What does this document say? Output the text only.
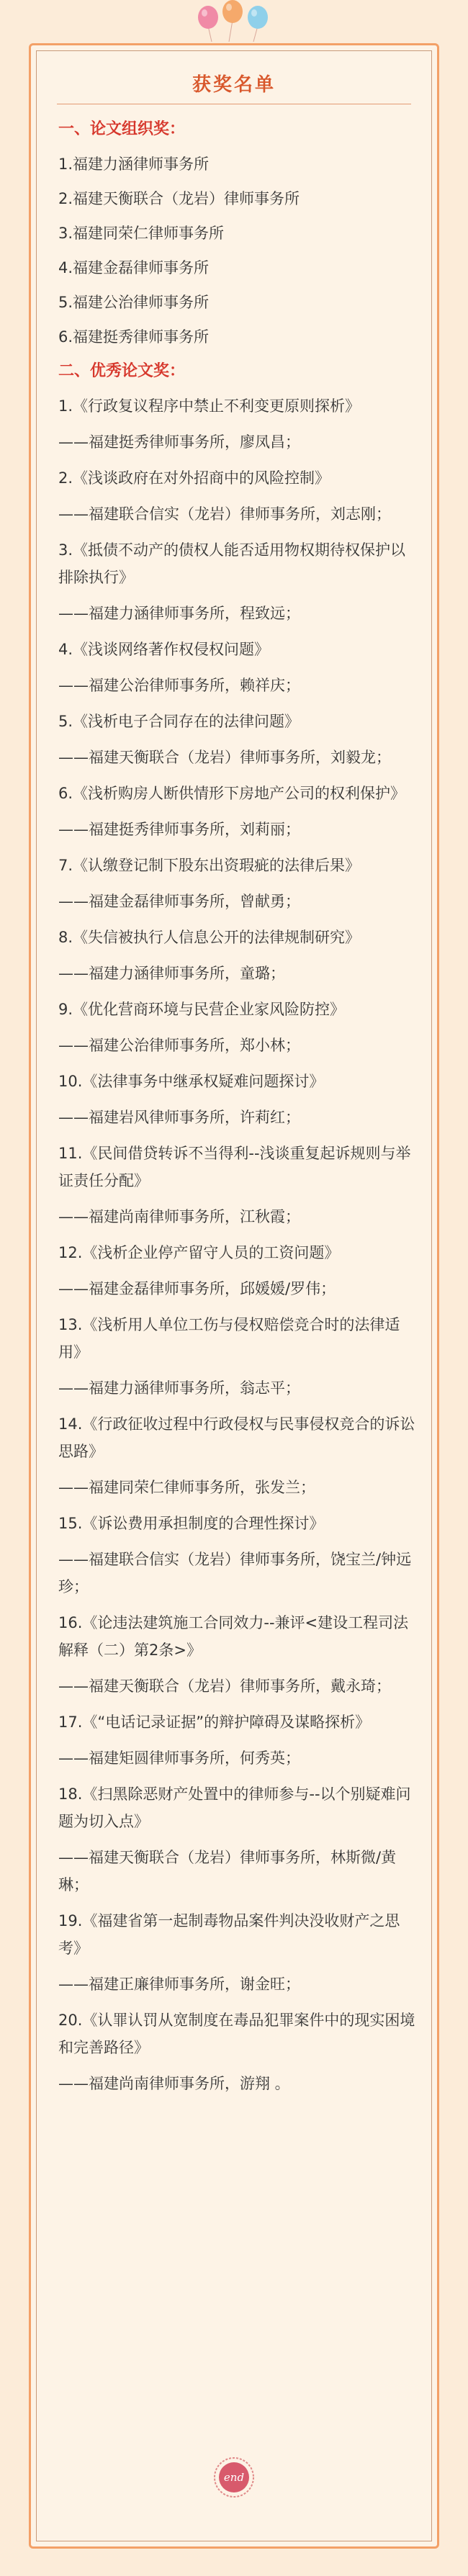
获奖名单
一、论文组织奖：
1.福建力涵律师事务所
2.福建天衡联合（龙岩）律师事务所
3.福建同荣仁律师事务所
4.福建金磊律师事务所
5.福建公治律师事务所
6.福建挺秀律师事务所
二、优秀论文奖：
1.《行政复议程序中禁止不利变更原则探析》
——福建挺秀律师事务所，廖凤昌；
2.《浅谈政府在对外招商中的风险控制》
——福建联合信实（龙岩）律师事务所，刘志刚；
3.《抵债不动产的债权人能否适用物权期待权保护以排除执行》
——福建力涵律师事务所，程致远；
4.《浅谈网络著作权侵权问题》
——福建公治律师事务所，赖祥庆；
5.《浅析电子合同存在的法律问题》
——福建天衡联合（龙岩）律师事务所，刘毅龙；
6.《浅析购房人断供情形下房地产公司的权利保护》
——福建挺秀律师事务所，刘莉丽；
7.《认缴登记制下股东出资瑕疵的法律后果》
——福建金磊律师事务所，曾献勇；
8.《失信被执行人信息公开的法律规制研究》
——福建力涵律师事务所，童璐；
9.《优化营商环境与民营企业家风险防控》
——福建公治律师事务所，郑小林；
10.《法律事务中继承权疑难问题探讨》
——福建岩风律师事务所，许莉红；
11.《民间借贷转诉不当得利--浅谈重复起诉规则与举证责任分配》
——福建尚南律师事务所，江秋霞；
12.《浅析企业停产留守人员的工资问题》
——福建金磊律师事务所，邱媛媛/罗伟；
13.《浅析用人单位工伤与侵权赔偿竞合时的法律适用》
——福建力涵律师事务所，翁志平；
14.《行政征收过程中行政侵权与民事侵权竞合的诉讼思路》
——福建同荣仁律师事务所，张发兰；
15.《诉讼费用承担制度的合理性探讨》
——福建联合信实（龙岩）律师事务所，饶宝兰/钟远珍；
16.《论违法建筑施工合同效力--兼评<建设工程司法解释（二）第2条>》
——福建天衡联合（龙岩）律师事务所，戴永琦；
17.《“电话记录证据”的辩护障碍及谋略探析》
——福建矩圆律师事务所，何秀英；
18.《扫黑除恶财产处置中的律师参与--以个别疑难问题为切入点》
——福建天衡联合（龙岩）律师事务所，林斯微/黄琳；
19.《福建省第一起制毒物品案件判决没收财产之思考》
——福建正廉律师事务所，谢金旺；
20.《认罪认罚从宽制度在毒品犯罪案件中的现实困境和完善路径》
——福建尚南律师事务所，游翔 。
end
